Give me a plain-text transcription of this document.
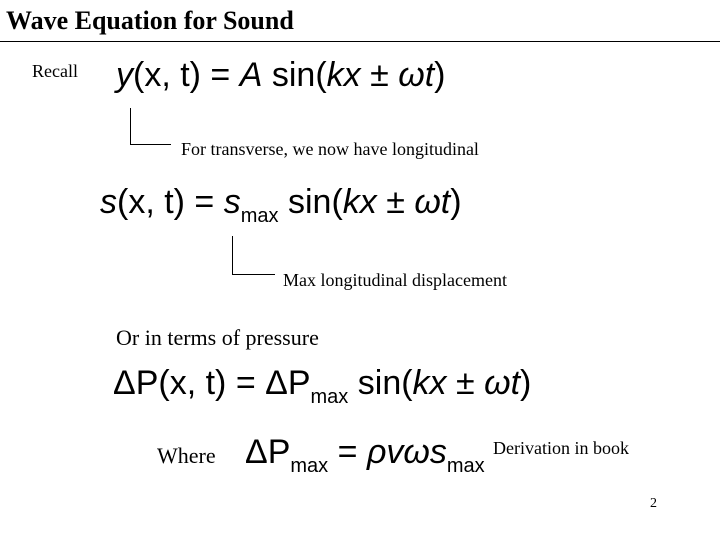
Wave Equation for Sound
Recall y(x, t) = A sin(kx ± ωt)
For transverse, we now have longitudinal
s(x, $t) = s_{max}$ sin(kx ± ωt)
Max longitudinal displacement
Or in terms of pressure
ΔP(x, $t) = \Delta P_{max}$ sin(kx ± ωt)
Where $\Delta P_{max} = \rho v\omega s_{max}$
Derivation in book
2
